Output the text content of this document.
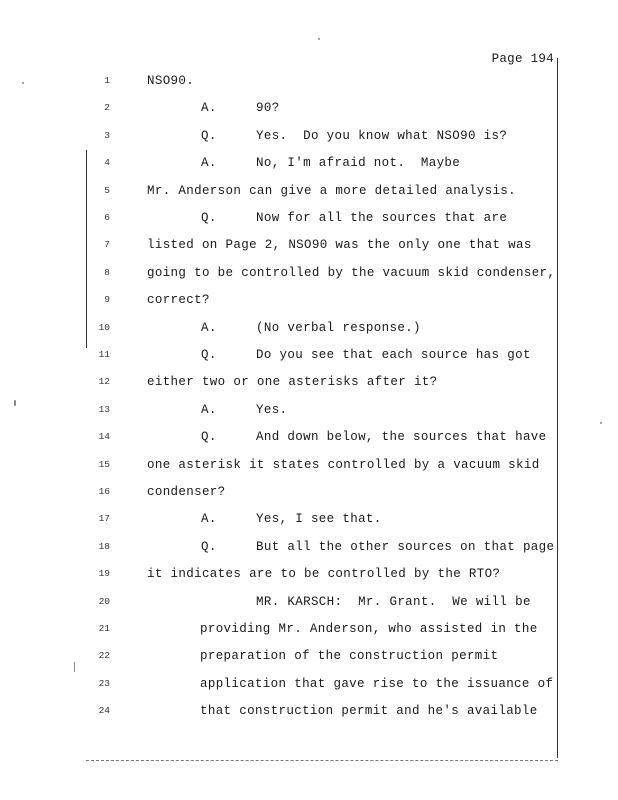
Page 194
1	NSO90.
2	A.	90?
3	Q.	Yes.  Do you know what NSO90 is?
4	A.	No, I'm afraid not.  Maybe
5	Mr. Anderson can give a more detailed analysis.
6	Q.	Now for all the sources that are
7	listed on Page 2, NSO90 was the only one that was
8	going to be controlled by the vacuum skid condenser,
9	correct?
10	A.	(No verbal response.)
11	Q.	Do you see that each source has got
12	either two or one asterisks after it?
13	A.	Yes.
14	Q.	And down below, the sources that have
15	one asterisk it states controlled by a vacuum skid
16	condenser?
17	A.	Yes, I see that.
18	Q.	But all the other sources on that page
19	it indicates are to be controlled by the RTO?
20	MR. KARSCH:  Mr. Grant.  We will be
21	providing Mr. Anderson, who assisted in the
22	preparation of the construction permit
23	application that gave rise to the issuance of
24	that construction permit and he's available
